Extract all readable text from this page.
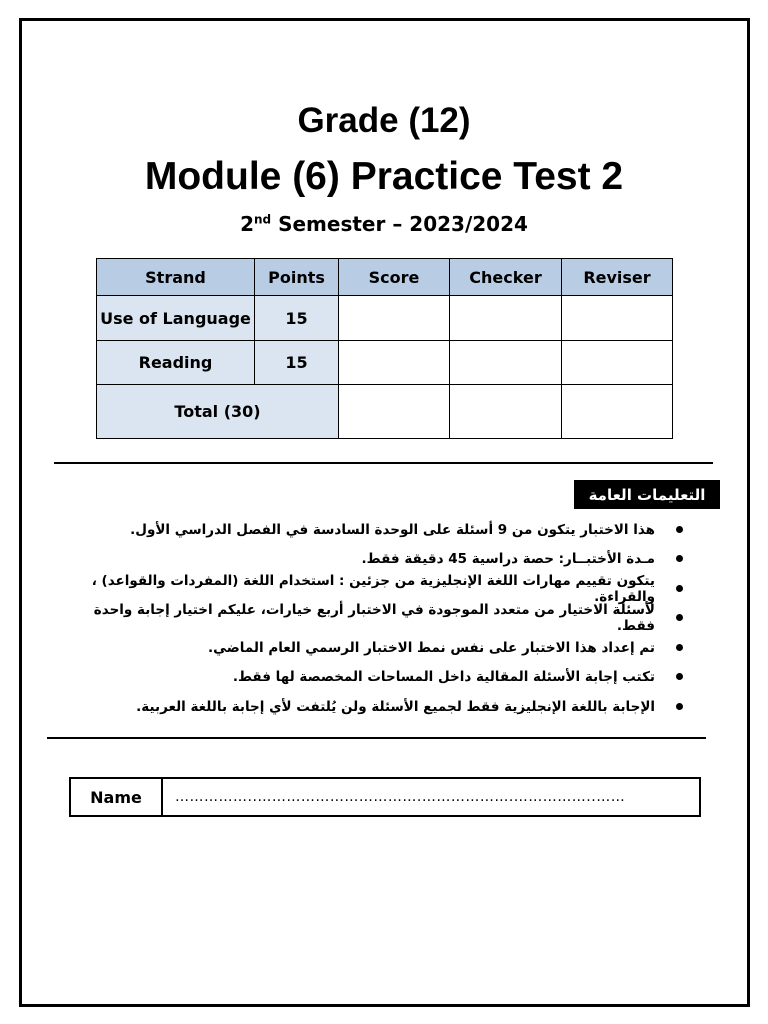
Grade (12)
Module (6) Practice Test 2
2nd Semester – 2023/2024
Strand	Points	Score	Checker	Reviser
Use of Language	15			
Reading	15			
Total (30)				
التعليمات العامة
هذا الاختبار يتكون من 9 أسئلة على الوحدة السادسة في الفصل الدراسي الأول.
مـدة الأختبــار: حصة دراسية 45 دقيقة فقط.
يتكون تقييم مهارات اللغة الإنجليزية من جزئين : استخدام اللغة (المفردات والقواعد) ، والقراءة.
لأسئلة الاختيار من متعدد الموجودة في الاختبار أربع خيارات، عليكم اختيار إجابة واحدة فقط.
تم إعداد هذا الاختبار على نفس نمط الاختبار الرسمي العام الماضي.
تكتب إجابة الأسئلة المقالية داخل المساحات المخصصة لها فقط.
الإجابة باللغة الإنجليزية فقط لجميع الأسئلة ولن يُلتفت لأي إجابة باللغة العربية.
Name	……………..…………………………….……………….……………..……
